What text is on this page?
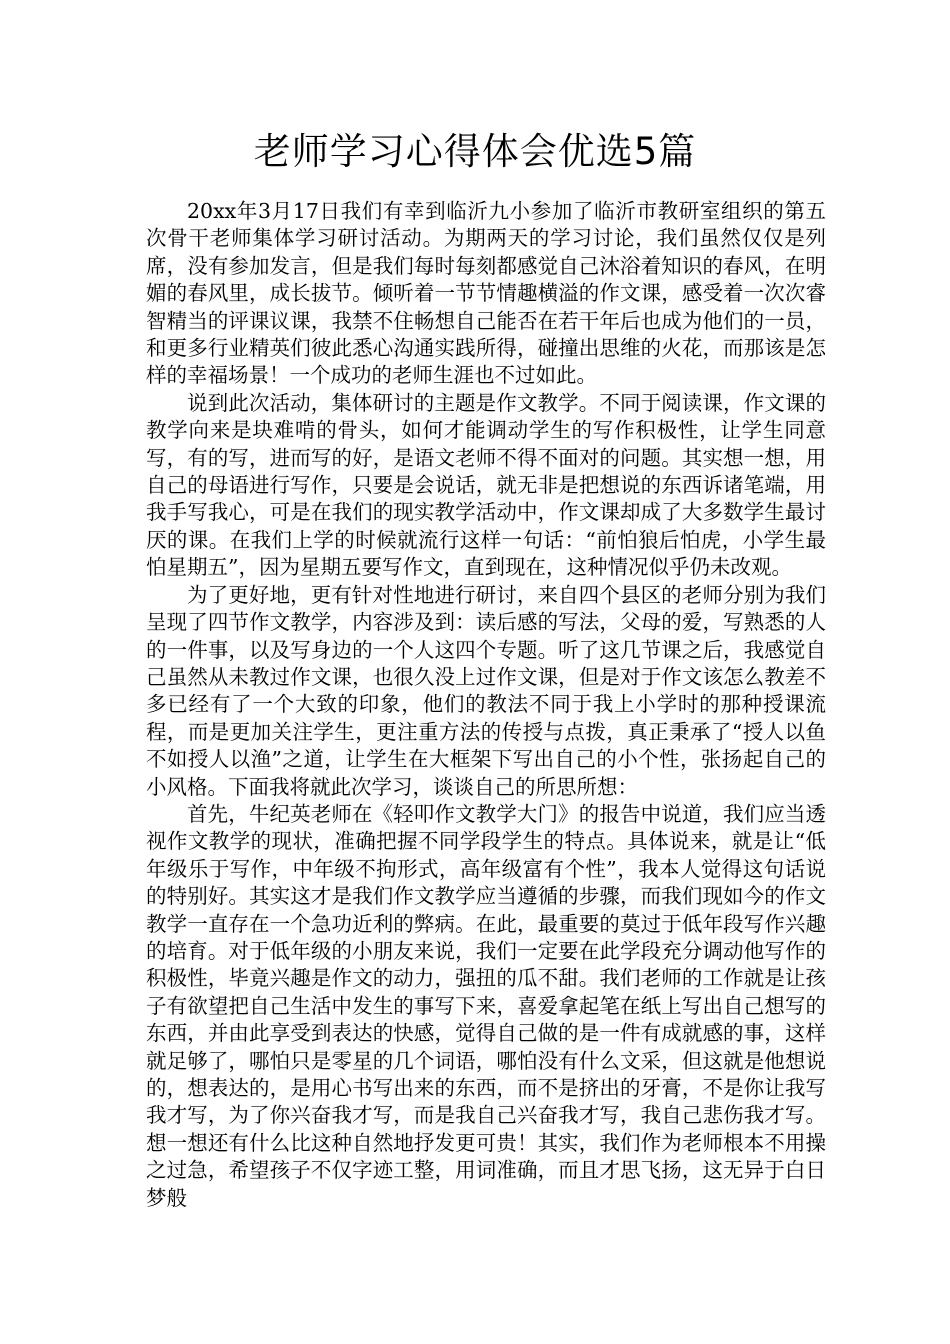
老师学习心得体会优选5篇

20xx年3月17日我们有幸到临沂九小参加了临沂市教研室组织的第五次骨干老师集体学习研讨活动。为期两天的学习讨论，我们虽然仅仅是列席，没有参加发言，但是我们每时每刻都感觉自己沐浴着知识的春风，在明媚的春风里，成长拔节。倾听着一节节情趣横溢的作文课，感受着一次次睿智精当的评课议课，我禁不住畅想自己能否在若干年后也成为他们的一员，和更多行业精英们彼此悉心沟通实践所得，碰撞出思维的火花，而那该是怎样的幸福场景！一个成功的老师生涯也不过如此。

说到此次活动，集体研讨的主题是作文教学。不同于阅读课，作文课的教学向来是块难啃的骨头，如何才能调动学生的写作积极性，让学生同意写，有的写，进而写的好，是语文老师不得不面对的问题。其实想一想，用自己的母语进行写作，只要是会说话，就无非是把想说的东西诉诸笔端，用我手写我心，可是在我们的现实教学活动中，作文课却成了大多数学生最讨厌的课。在我们上学的时候就流行这样一句话：“前怕狼后怕虎，小学生最怕星期五”，因为星期五要写作文，直到现在，这种情况似乎仍未改观。

为了更好地，更有针对性地进行研讨，来自四个县区的老师分别为我们呈现了四节作文教学，内容涉及到：读后感的写法，父母的爱，写熟悉的人的一件事，以及写身边的一个人这四个专题。听了这几节课之后，我感觉自己虽然从未教过作文课，也很久没上过作文课，但是对于作文该怎么教差不多已经有了一个大致的印象，他们的教法不同于我上小学时的那种授课流程，而是更加关注学生，更注重方法的传授与点拨，真正秉承了“授人以鱼不如授人以渔”之道，让学生在大框架下写出自己的小个性，张扬起自己的小风格。下面我将就此次学习，谈谈自己的所思所想：

首先，牛纪英老师在《轻叩作文教学大门》的报告中说道，我们应当透视作文教学的现状，准确把握不同学段学生的特点。具体说来，就是让“低年级乐于写作，中年级不拘形式，高年级富有个性”，我本人觉得这句话说的特别好。其实这才是我们作文教学应当遵循的步骤，而我们现如今的作文教学一直存在一个急功近利的弊病。在此，最重要的莫过于低年段写作兴趣的培育。对于低年级的小朋友来说，我们一定要在此学段充分调动他写作的积极性，毕竟兴趣是作文的动力，强扭的瓜不甜。我们老师的工作就是让孩子有欲望把自己生活中发生的事写下来，喜爱拿起笔在纸上写出自己想写的东西，并由此享受到表达的快感，觉得自己做的是一件有成就感的事，这样就足够了，哪怕只是零星的几个词语，哪怕没有什么文采，但这就是他想说的，想表达的，是用心书写出来的东西，而不是挤出的牙膏，不是你让我写我才写，为了你兴奋我才写，而是我自己兴奋我才写，我自己悲伤我才写。想一想还有什么比这种自然地抒发更可贵！其实，我们作为老师根本不用操之过急，希望孩子不仅字迹工整，用词准确，而且才思飞扬，这无异于白日梦般
